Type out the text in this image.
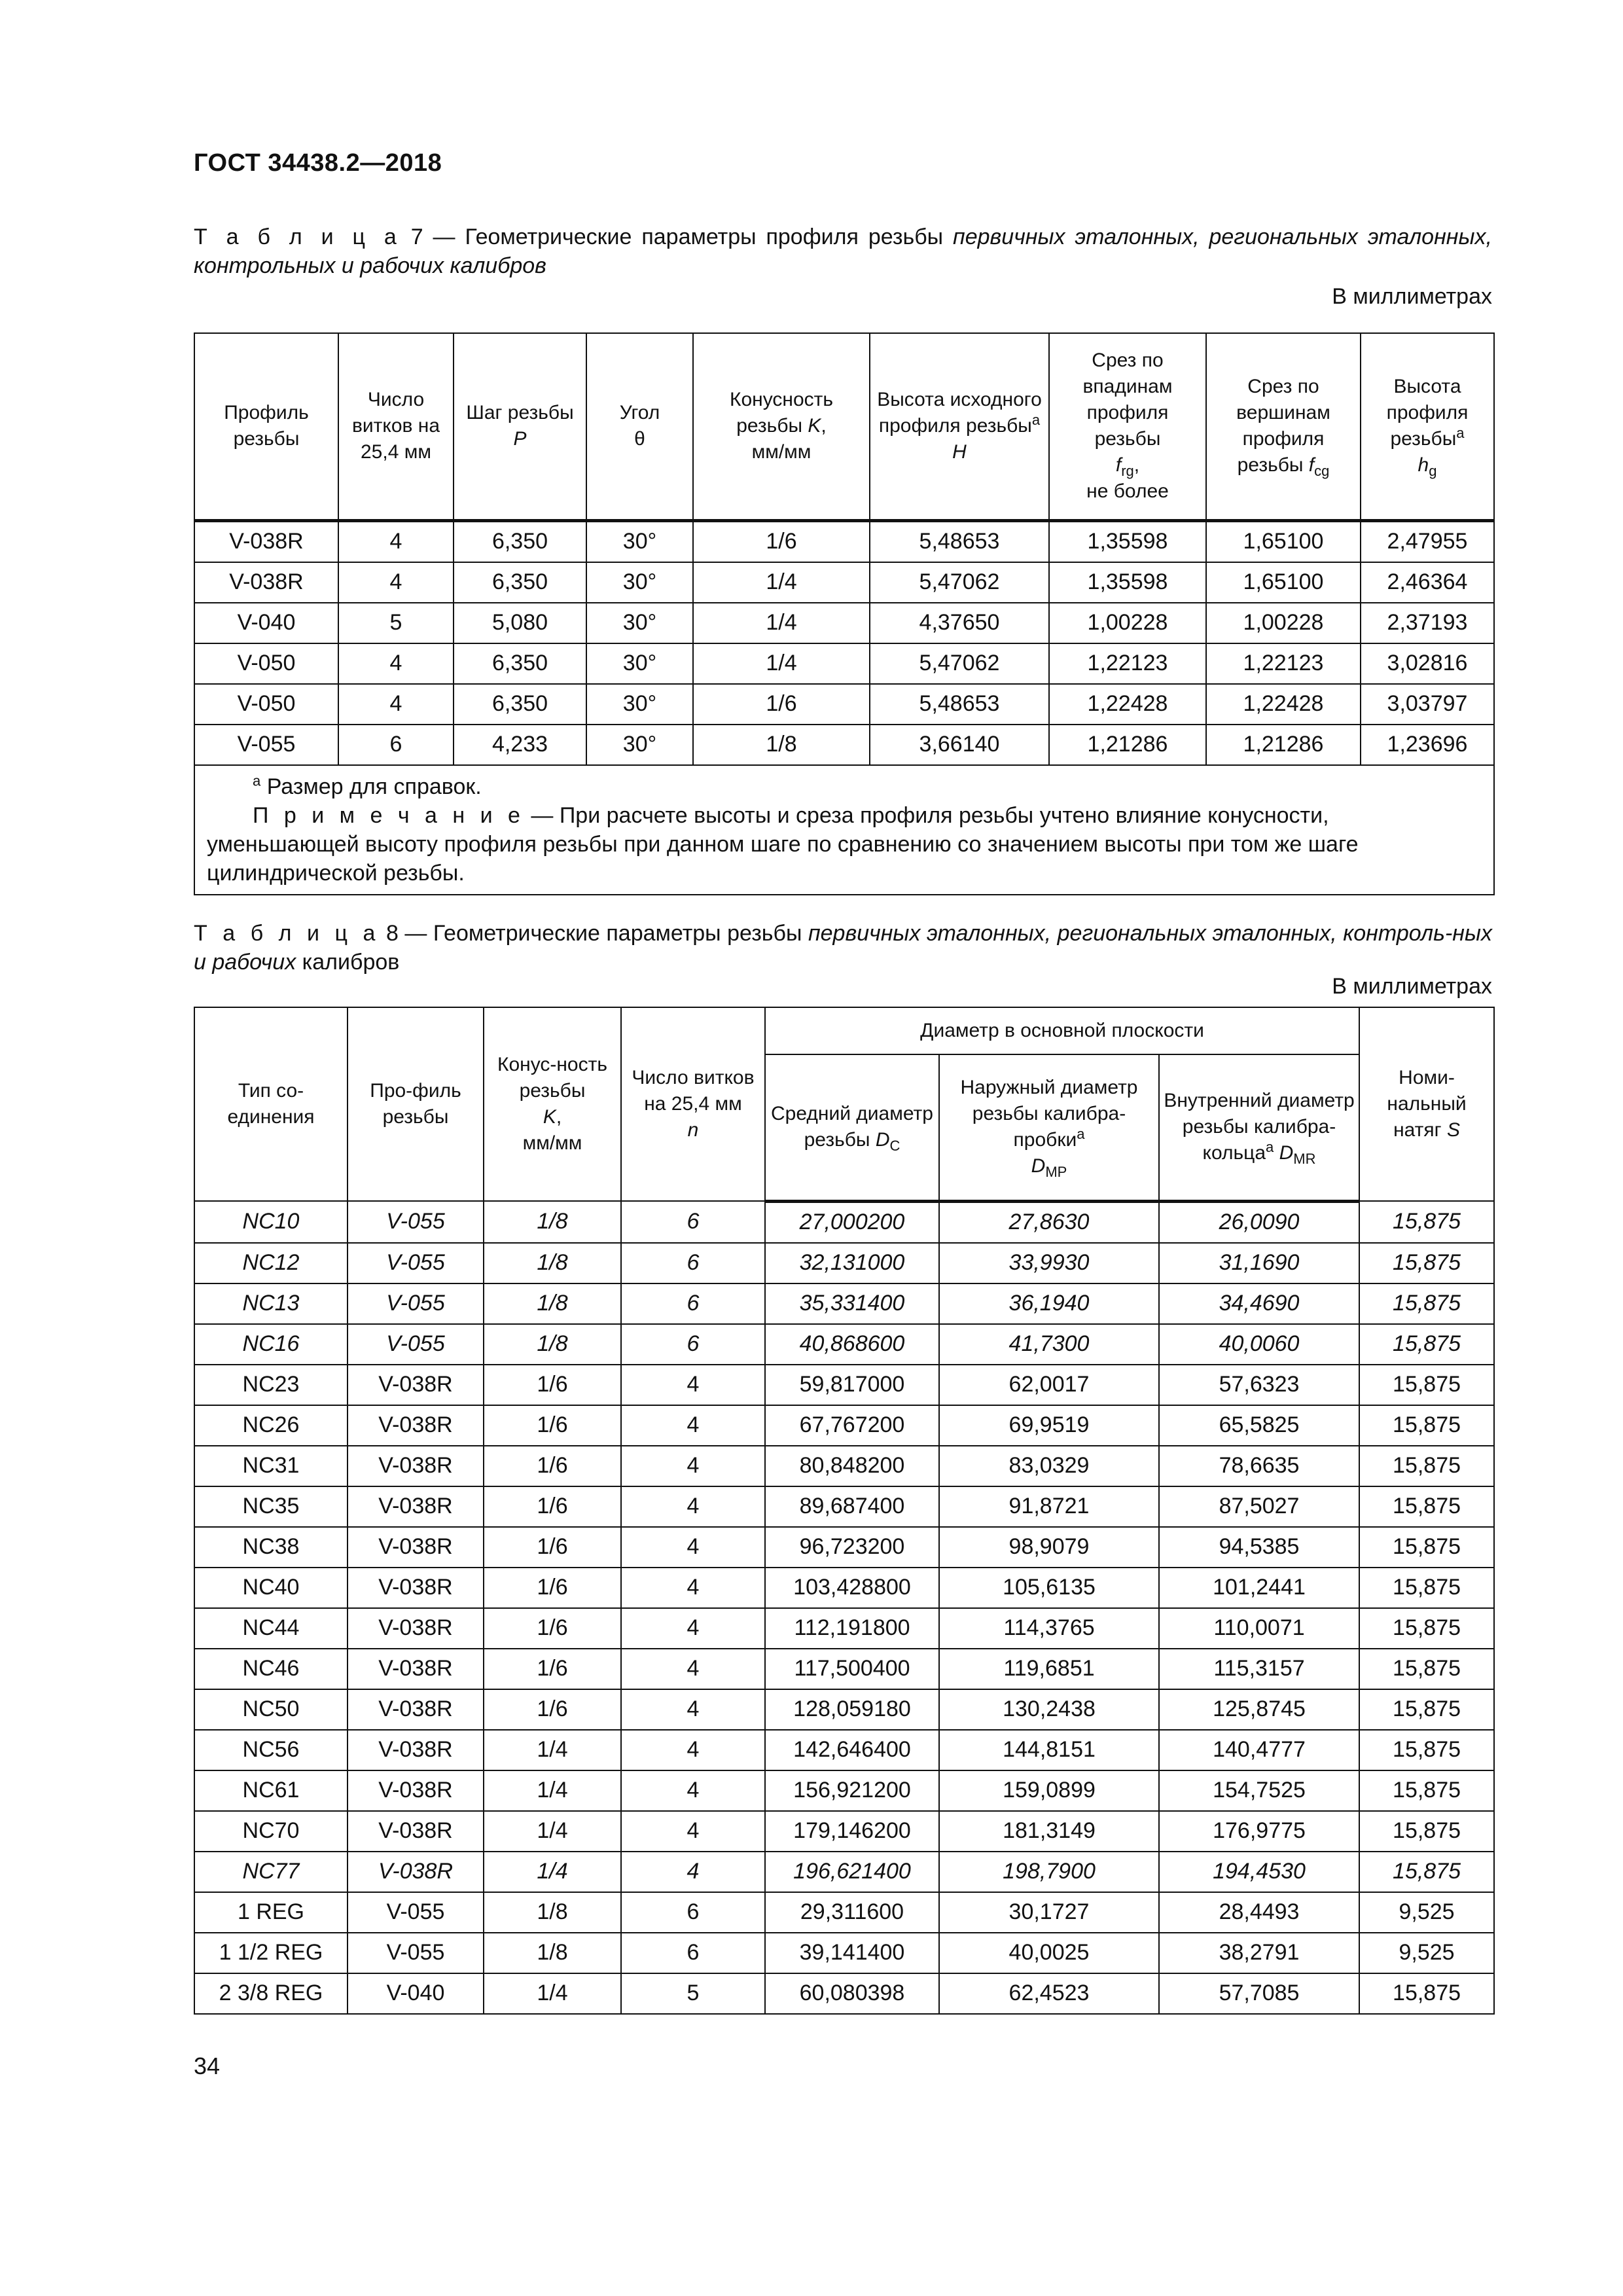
ГОСТ 34438.2—2018
Т а б л и ц а 7 — Геометрические параметры профиля резьбы первичных эталонных, региональных эталонных, контрольных и рабочих калибров
В миллиметрах
Профиль резьбы	Число витков на 25,4 мм	Шаг резьбы
P	Угол
θ	Конусность резьбы K,
мм/мм	Высота исходного профиля резьбы$^a$ H	Срез по впадинам профиля резьбы
$f_{rg}$,
не более	Срез по вершинам профиля резьбы $f_{cg}$	Высота профиля резьбы$^a$
$h_g$
V-038R	4	6,350	30°	1/6	5,48653	1,35598	1,65100	2,47955
V-038R	4	6,350	30°	1/4	5,47062	1,35598	1,65100	2,46364
V-040	5	5,080	30°	1/4	4,37650	1,00228	1,00228	2,37193
V-050	4	6,350	30°	1/4	5,47062	1,22123	1,22123	3,02816
V-050	4	6,350	30°	1/6	5,48653	1,22428	1,22428	3,03797
V-055	6	4,233	30°	1/8	3,66140	1,21286	1,21286	1,23696

$^a$ Размер для справок.
П р и м е ч а н и е — При расчете высоты и среза профиля резьбы учтено влияние конусности, уменьшающей высоту профиля резьбы при данном шаге по сравнению со значением высоты при том же шаге цилиндрической резьбы.								
Т а б л и ц а 8 — Геометрические параметры резьбы первичных эталонных, региональных эталонных, контроль-ных и рабочих калибров
В миллиметрах
Тип со-единения	Про-филь резьбы	Конус-ность резьбы
K,
мм/мм	Число витков на 25,4 мм
n	Диаметр в основной плоскости			Номи-нальный натяг S
				Средний диаметр резьбы $D_C$	Наружный диаметр резьбы калибра-пробки$^a$
$D_{MP}$	Внутренний диаметр резьбы калибра-кольца$^a$ $D_{MR}$
NC10	V-055	1/8	6	27,000200	27,8630	26,0090	15,875
NC12	V-055	1/8	6	32,131000	33,9930	31,1690	15,875
NC13	V-055	1/8	6	35,331400	36,1940	34,4690	15,875
NC16	V-055	1/8	6	40,868600	41,7300	40,0060	15,875
NC23	V-038R	1/6	4	59,817000	62,0017	57,6323	15,875
NC26	V-038R	1/6	4	67,767200	69,9519	65,5825	15,875
NC31	V-038R	1/6	4	80,848200	83,0329	78,6635	15,875
NC35	V-038R	1/6	4	89,687400	91,8721	87,5027	15,875
NC38	V-038R	1/6	4	96,723200	98,9079	94,5385	15,875
NC40	V-038R	1/6	4	103,428800	105,6135	101,2441	15,875
NC44	V-038R	1/6	4	112,191800	114,3765	110,0071	15,875
NC46	V-038R	1/6	4	117,500400	119,6851	115,3157	15,875
NC50	V-038R	1/6	4	128,059180	130,2438	125,8745	15,875
NC56	V-038R	1/4	4	142,646400	144,8151	140,4777	15,875
NC61	V-038R	1/4	4	156,921200	159,0899	154,7525	15,875
NC70	V-038R	1/4	4	179,146200	181,3149	176,9775	15,875
NC77	V-038R	1/4	4	196,621400	198,7900	194,4530	15,875
1 REG	V-055	1/8	6	29,311600	30,1727	28,4493	9,525
1 1/2 REG	V-055	1/8	6	39,141400	40,0025	38,2791	9,525
2 3/8 REG	V-040	1/4	5	60,080398	62,4523	57,7085	15,875
34
